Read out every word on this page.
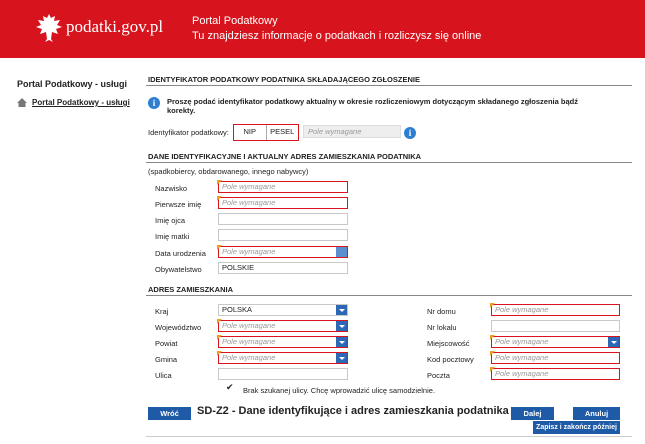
podatki.gov.pl	Portal Podatkowy
Tu znajdziesz informacje o podatkach i rozliczysz się online
Portal Podatkowy - usługi
Portal Podatkowy - usługi
IDENTYFIKATOR PODATKOWY PODATNIKA SKŁADAJĄCEGO ZGŁOSZENIE
i	Proszę podać identyfikator podatkowy aktualny w okresie rozliczeniowym dotyczącym składanego zgłoszenia bądź korekty.
Identyfikator podatkowy:	NIP	PESEL	Pole wymagane	i
DANE IDENTYFIKACYJNE I AKTUALNY ADRES ZAMIESZKANIA PODATNIKA
(spadkobiercy, obdarowanego, innego nabywcy)
Nazwisko	Pole wymagane
Pierwsze imię	Pole wymagane
Imię ojca
Imię matki
Data urodzenia	Pole wymagane
Obywatelstwo	POLSKIE
ADRES ZAMIESZKANIA
Kraj	POLSKA
Województwo	Pole wymagane
Powiat	Pole wymagane
Gmina	Pole wymagane
Ulica
Nr domu	Pole wymagane
Nr lokalu
Miejscowość	Pole wymagane
Kod pocztowy	Pole wymagane
Poczta	Pole wymagane
✔ Brak szukanej ulicy. Chcę wprowadzić ulicę samodzielnie.
Wróć	SD-Z2 - Dane identyfikujące i adres zamieszkania podatnika	Dalej	Anuluj
Zapisz i zakończ później
